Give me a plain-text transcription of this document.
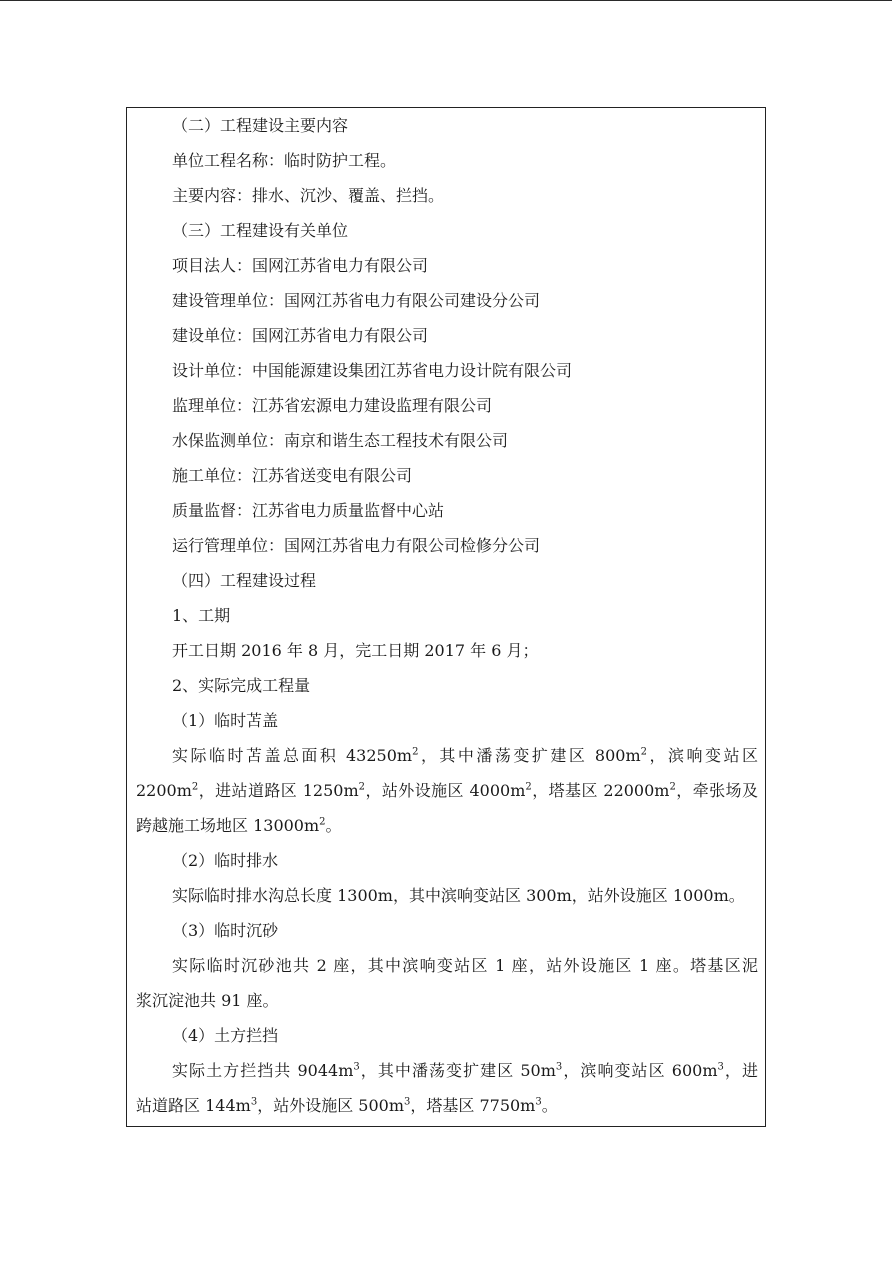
（二）工程建设主要内容
单位工程名称：临时防护工程。
主要内容：排水、沉沙、覆盖、拦挡。
（三）工程建设有关单位
项目法人：国网江苏省电力有限公司
建设管理单位：国网江苏省电力有限公司建设分公司
建设单位：国网江苏省电力有限公司
设计单位：中国能源建设集团江苏省电力设计院有限公司
监理单位：江苏省宏源电力建设监理有限公司
水保监测单位：南京和谐生态工程技术有限公司
施工单位：江苏省送变电有限公司
质量监督：江苏省电力质量监督中心站
运行管理单位：国网江苏省电力有限公司检修分公司
（四）工程建设过程
1、工期
开工日期 2016 年 8 月，完工日期 2017 年 6 月；
2、实际完成工程量
（1）临时苫盖
实际临时苫盖总面积 $43250m^2$，其中潘荡变扩建区 $800m^2$，滨响变站区
$2200m^2$，进站道路区 $1250m^2$，站外设施区 $4000m^2$，塔基区 $22000m^2$，牵张场及
跨越施工场地区 $13000m^2$。
（2）临时排水
实际临时排水沟总长度 1300m，其中滨响变站区 300m，站外设施区 1000m。
（3）临时沉砂
实际临时沉砂池共 2 座，其中滨响变站区 1 座，站外设施区 1 座。塔基区泥
浆沉淀池共 91 座。
（4）土方拦挡
实际土方拦挡共 $9044m^3$，其中潘荡变扩建区 $50m^3$，滨响变站区 $600m^3$，进
站道路区 $144m^3$，站外设施区 $500m^3$，塔基区 $7750m^3$。
